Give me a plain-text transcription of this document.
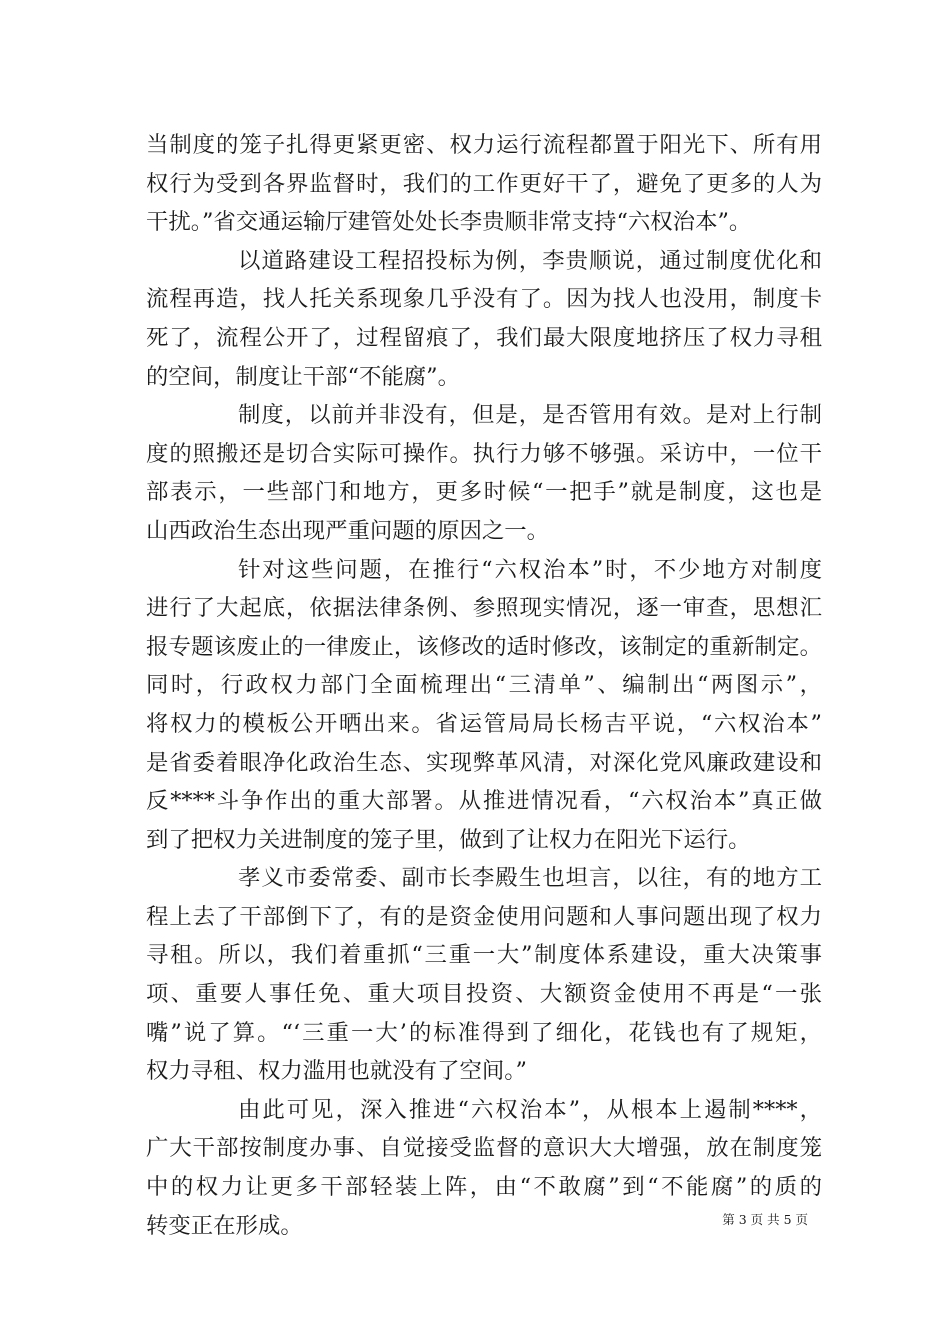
当制度的笼子扎得更紧更密、权力运行流程都置于阳光下、所有用
权行为受到各界监督时，我们的工作更好干了，避免了更多的人为
干扰。”省交通运输厅建管处处长李贵顺非常支持“六权治本”。
以道路建设工程招投标为例，李贵顺说，通过制度优化和
流程再造，找人托关系现象几乎没有了。因为找人也没用，制度卡
死了，流程公开了，过程留痕了，我们最大限度地挤压了权力寻租
的空间，制度让干部“不能腐”。
制度，以前并非没有，但是，是否管用有效。是对上行制
度的照搬还是切合实际可操作。执行力够不够强。采访中，一位干
部表示，一些部门和地方，更多时候“一把手”就是制度，这也是
山西政治生态出现严重问题的原因之一。
针对这些问题，在推行“六权治本”时，不少地方对制度
进行了大起底，依据法律条例、参照现实情况，逐一审查，思想汇
报专题该废止的一律废止，该修改的适时修改，该制定的重新制定。
同时，行政权力部门全面梳理出“三清单”、编制出“两图示”，
将权力的模板公开晒出来。省运管局局长杨吉平说，“六权治本”
是省委着眼净化政治生态、实现弊革风清，对深化党风廉政建设和
反****斗争作出的重大部署。从推进情况看，“六权治本”真正做
到了把权力关进制度的笼子里，做到了让权力在阳光下运行。
孝义市委常委、副市长李殿生也坦言，以往，有的地方工
程上去了干部倒下了，有的是资金使用问题和人事问题出现了权力
寻租。所以，我们着重抓“三重一大”制度体系建设，重大决策事
项、重要人事任免、重大项目投资、大额资金使用不再是“一张
嘴”说了算。“‘三重一大’的标准得到了细化，花钱也有了规矩，
权力寻租、权力滥用也就没有了空间。”
由此可见，深入推进“六权治本”，从根本上遏制****，
广大干部按制度办事、自觉接受监督的意识大大增强，放在制度笼
中的权力让更多干部轻装上阵，由“不敢腐”到“不能腐”的质的
转变正在形成。	第 3 页 共 5 页
